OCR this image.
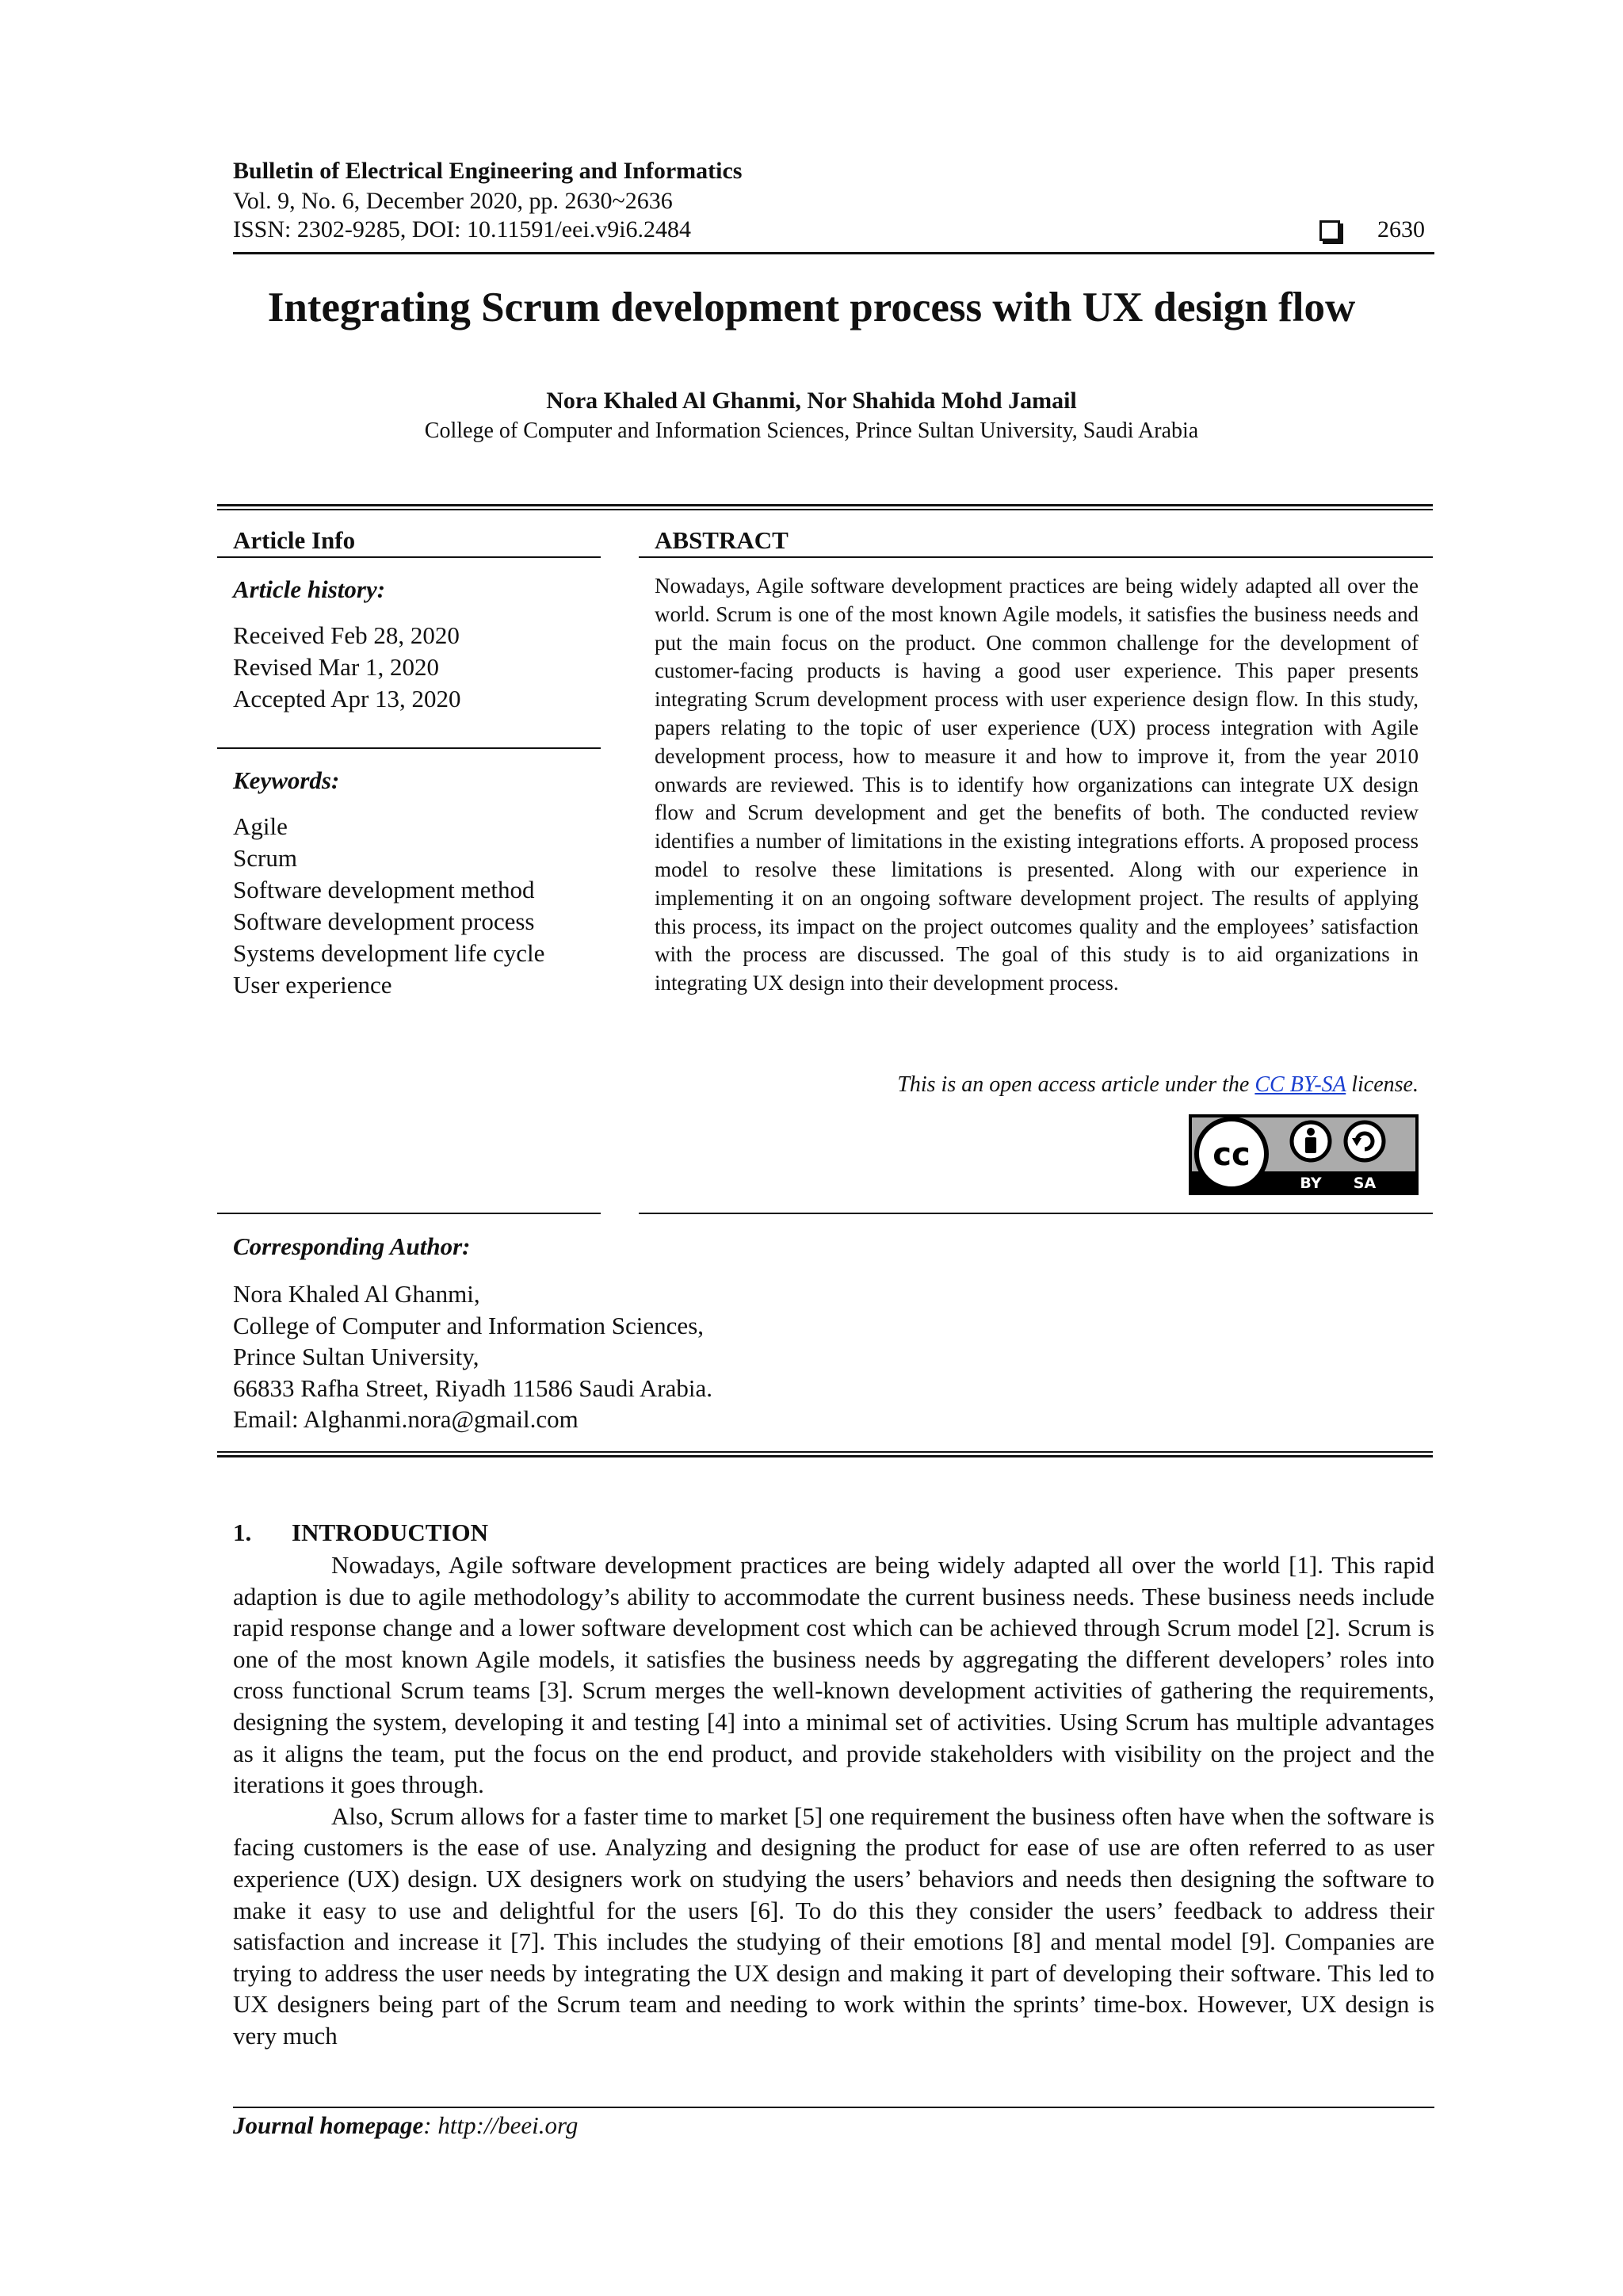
Bulletin of Electrical Engineering and Informatics
Vol. 9, No. 6, December 2020, pp. 2630~2636
ISSN: 2302-9285, DOI: 10.11591/eei.v9i6.2484	2630
Integrating Scrum development process with UX design flow
Nora Khaled Al Ghanmi, Nor Shahida Mohd Jamail
College of Computer and Information Sciences, Prince Sultan University, Saudi Arabia
Article Info
Article history:
Received Feb 28, 2020
Revised Mar 1, 2020
Accepted Apr 13, 2020
Keywords:
Agile
Scrum
Software development method
Software development process
Systems development life cycle
User experience
ABSTRACT
Nowadays, Agile software development practices are being widely adapted all over the world. Scrum is one of the most known Agile models, it satisfies the business needs and put the main focus on the product. One common challenge for the development of customer-facing products is having a good user experience. This paper presents integrating Scrum development process with user experience design flow. In this study, papers relating to the topic of user experience (UX) process integration with Agile development process, how to measure it and how to improve it, from the year 2010 onwards are reviewed. This is to identify how organizations can integrate UX design flow and Scrum development and get the benefits of both. The conducted review identifies a number of limitations in the existing integrations efforts. A proposed process model to resolve these limitations is presented. Along with our experience in implementing it on an ongoing software development project. The results of applying this process, its impact on the project outcomes quality and the employees’ satisfaction with the process are discussed. The goal of this study is to aid organizations in integrating UX design into their development process.
This is an open access article under the CC BY-SA license.
cc
BY SA
Corresponding Author:
Nora Khaled Al Ghanmi,
College of Computer and Information Sciences,
Prince Sultan University,
66833 Rafha Street, Riyadh 11586 Saudi Arabia.
Email: Alghanmi.nora@gmail.com
1. INTRODUCTION

Nowadays, Agile software development practices are being widely adapted all over the world [1]. This rapid adaption is due to agile methodology’s ability to accommodate the current business needs. These business needs include rapid response change and a lower software development cost which can be achieved through Scrum model [2]. Scrum is one of the most known Agile models, it satisfies the business needs by aggregating the different developers’ roles into cross functional Scrum teams [3]. Scrum merges the well-known development activities of gathering the requirements, designing the system, developing it and testing [4] into a minimal set of activities. Using Scrum has multiple advantages as it aligns the team, put the focus on the end product, and provide stakeholders with visibility on the project and the iterations it goes through.

Also, Scrum allows for a faster time to market [5] one requirement the business often have when the software is facing customers is the ease of use. Analyzing and designing the product for ease of use are often referred to as user experience (UX) design. UX designers work on studying the users’ behaviors and needs then designing the software to make it easy to use and delightful for the users [6]. To do this they consider the users’ feedback to address their satisfaction and increase it [7]. This includes the studying of their emotions [8] and mental model [9]. Companies are trying to address the user needs by integrating the UX design and making it part of developing their software. This led to UX designers being part of the Scrum team and needing to work within the sprints’ time-box. However, UX design is very much

Journal homepage: http://beei.org
